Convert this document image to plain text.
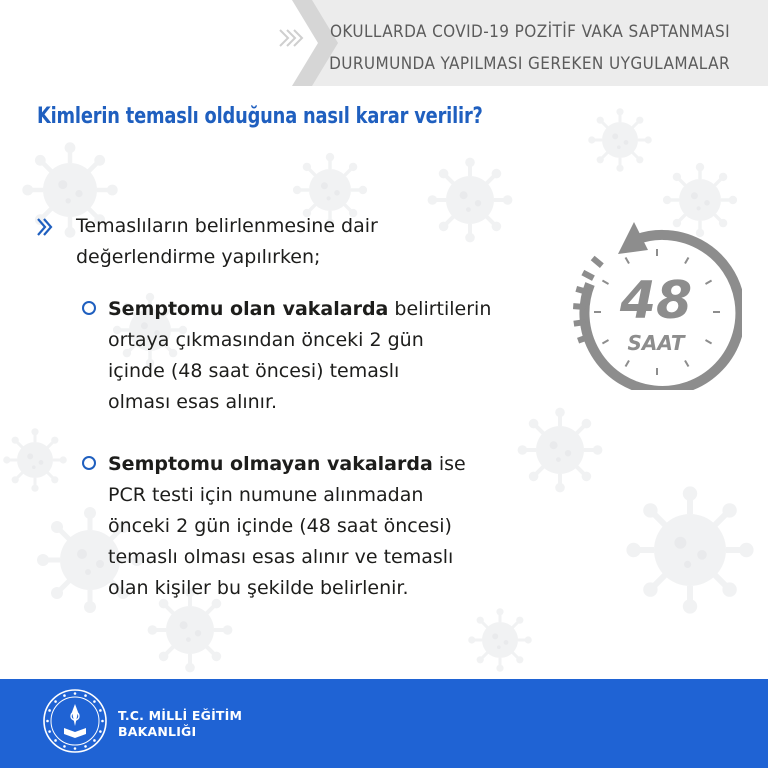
OKULLARDA COVID-19 POZİTİF VAKA SAPTANMASI
DURUMUNDA YAPILMASI GEREKEN UYGULAMALAR
Kimlerin temaslı olduğuna nasıl karar verilir?
Temaslıların belirlenmesine dair
değerlendirme yapılırken;
Semptomu olan vakalarda belirtilerin
ortaya çıkmasından önceki 2 gün
içinde (48 saat öncesi) temaslı
olması esas alınır.
Semptomu olmayan vakalarda ise
PCR testi için numune alınmadan
önceki 2 gün içinde (48 saat öncesi)
temaslı olması esas alınır ve temaslı
olan kişiler bu şekilde belirlenir.
48
SAAT
T.C. MİLLİ EĞİTİM
BAKANLIĞI
